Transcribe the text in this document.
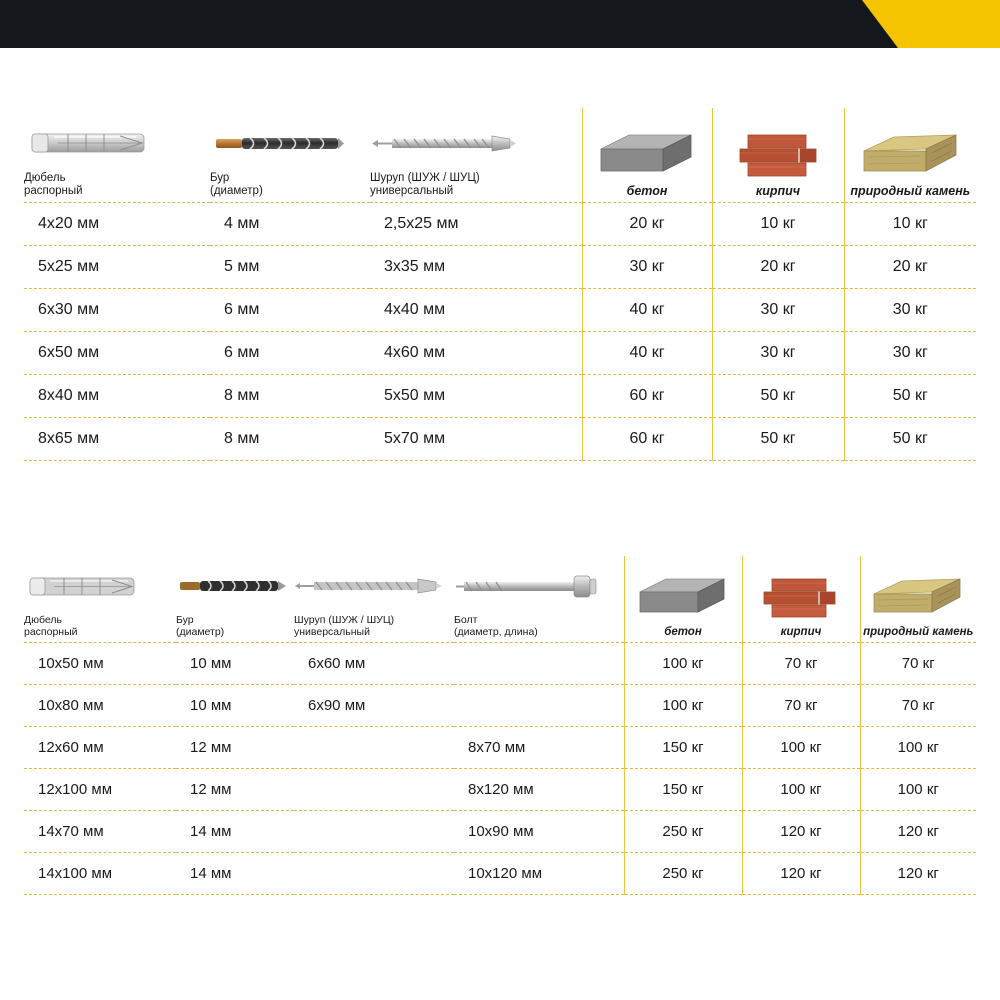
Дюбель
распорный	Бур
(диаметр)	Шуруп (ШУЖ / ШУЦ)
универсальный	бетон	кирпич	природный камень

4x20 мм	4 мм	2,5x25 мм	20 кг	10 кг	10 кг
5x25 мм	5 мм	3x35 мм	30 кг	20 кг	20 кг
6x30 мм	6 мм	4x40 мм	40 кг	30 кг	30 кг
6x50 мм	6 мм	4x60 мм	40 кг	30 кг	30 кг
8x40 мм	8 мм	5x50 мм	60 кг	50 кг	50 кг
8x65 мм	8 мм	5x70 мм	60 кг	50 кг	50 кг
Дюбель
распорный	Бур
(диаметр)	Шуруп (ШУЖ / ШУЦ)
универсальный	Болт
(диаметр, длина)	бетон	кирпич	природный камень

10x50 мм	10 мм	6x60 мм		100 кг	70 кг	70 кг
10x80 мм	10 мм	6x90 мм		100 кг	70 кг	70 кг
12x60 мм	12 мм		8x70 мм	150 кг	100 кг	100 кг
12x100 мм	12 мм		8x120 мм	150 кг	100 кг	100 кг
14x70 мм	14 мм		10x90 мм	250 кг	120 кг	120 кг
14x100 мм	14 мм		10x120 мм	250 кг	120 кг	120 кг
